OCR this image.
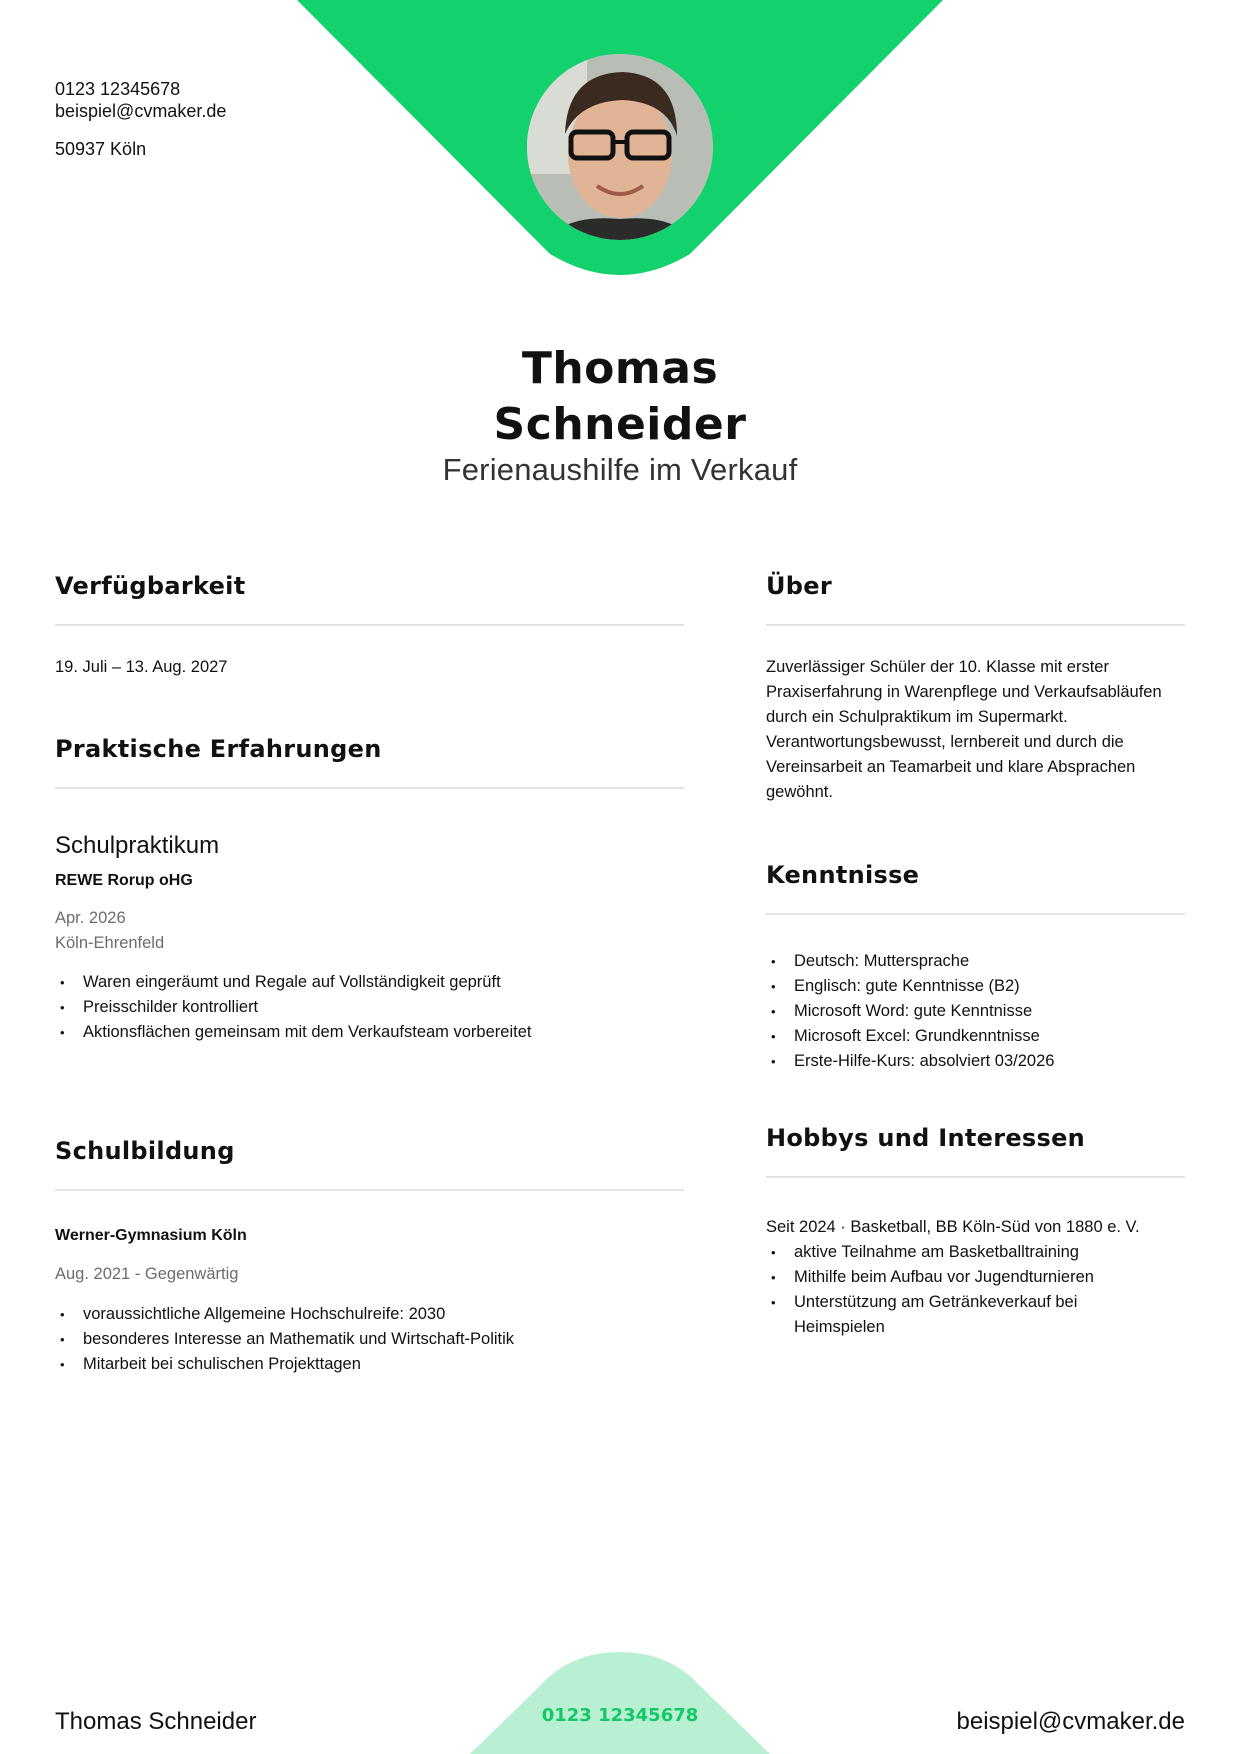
0123 12345678
beispiel@cvmaker.de
50937 Köln
Thomas
Schneider
Ferienaushilfe im Verkauf
Verfügbarkeit
19. Juli – 13. Aug. 2027
Praktische Erfahrungen
Schulpraktikum
REWE Rorup oHG
Apr. 2026
Köln-Ehrenfeld
• Waren eingeräumt und Regale auf Vollständigkeit geprüft
• Preisschilder kontrolliert
• Aktionsflächen gemeinsam mit dem Verkaufsteam vorbereitet
Schulbildung
Werner-Gymnasium Köln
Aug. 2021 - Gegenwärtig
• voraussichtliche Allgemeine Hochschulreife: 2030
• besonderes Interesse an Mathematik und Wirtschaft-Politik
• Mitarbeit bei schulischen Projekttagen
Über
Zuverlässiger Schüler der 10. Klasse mit erster Praxiserfahrung in Warenpflege und Verkaufsabläufen durch ein Schulpraktikum im Supermarkt. Verantwortungsbewusst, lernbereit und durch die Vereinsarbeit an Teamarbeit und klare Absprachen gewöhnt.
Kenntnisse
• Deutsch: Muttersprache
• Englisch: gute Kenntnisse (B2)
• Microsoft Word: gute Kenntnisse
• Microsoft Excel: Grundkenntnisse
• Erste-Hilfe-Kurs: absolviert 03/2026
Hobbys und Interessen
Seit 2024 · Basketball, BB Köln-Süd von 1880 e. V.
• aktive Teilnahme am Basketballtraining
• Mithilfe beim Aufbau vor Jugendturnieren
• Unterstützung am Getränkeverkauf bei Heimspielen
Thomas Schneider	0123 12345678	beispiel@cvmaker.de
